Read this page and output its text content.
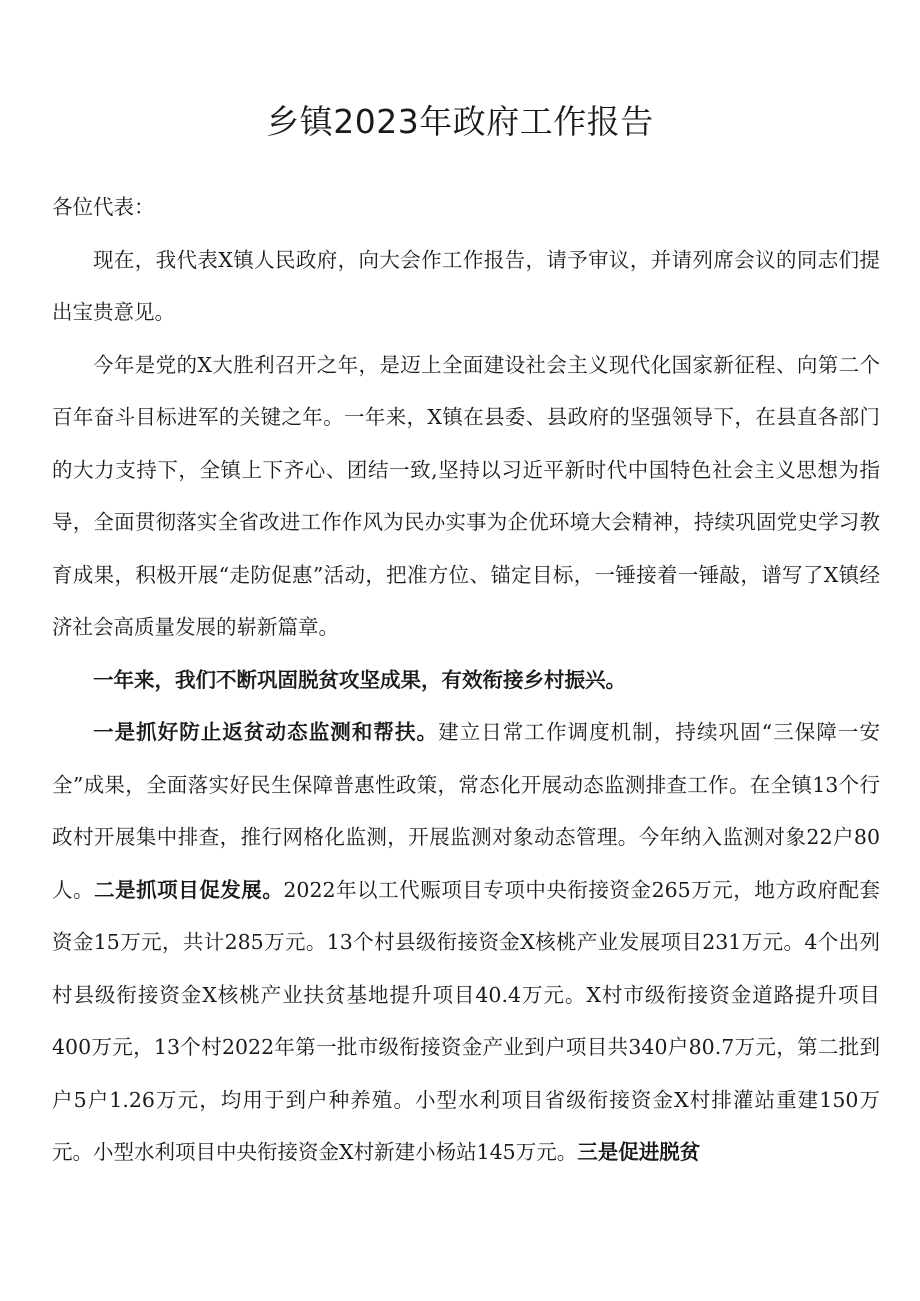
乡镇2023年政府工作报告

各位代表：

现在，我代表X镇人民政府，向大会作工作报告，请予审议，并请列席会议的同志们提出宝贵意见。

今年是党的X大胜利召开之年，是迈上全面建设社会主义现代化国家新征程、向第二个百年奋斗目标进军的关键之年。一年来，X镇在县委、县政府的坚强领导下，在县直各部门的大力支持下，全镇上下齐心、团结一致,坚持以习近平新时代中国特色社会主义思想为指导，全面贯彻落实全省改进工作作风为民办实事为企优环境大会精神，持续巩固党史学习教育成果，积极开展“走防促惠”活动，把准方位、锚定目标，一锤接着一锤敲，谱写了X镇经济社会高质量发展的崭新篇章。

一年来，我们不断巩固脱贫攻坚成果，有效衔接乡村振兴。

一是抓好防止返贫动态监测和帮扶。建立日常工作调度机制，持续巩固“三保障一安全”成果，全面落实好民生保障普惠性政策，常态化开展动态监测排查工作。在全镇13个行政村开展集中排查，推行网格化监测，开展监测对象动态管理。今年纳入监测对象22户80人。二是抓项目促发展。2022年以工代赈项目专项中央衔接资金265万元，地方政府配套资金15万元，共计285万元。13个村县级衔接资金X核桃产业发展项目231万元。4个出列村县级衔接资金X核桃产业扶贫基地提升项目40.4万元。X村市级衔接资金道路提升项目400万元，13个村2022年第一批市级衔接资金产业到户项目共340户80.7万元，第二批到户5户1.26万元，均用于到户种养殖。小型水利项目省级衔接资金X村排灌站重建150万元。小型水利项目中央衔接资金X村新建小杨站145万元。三是促进脱贫
